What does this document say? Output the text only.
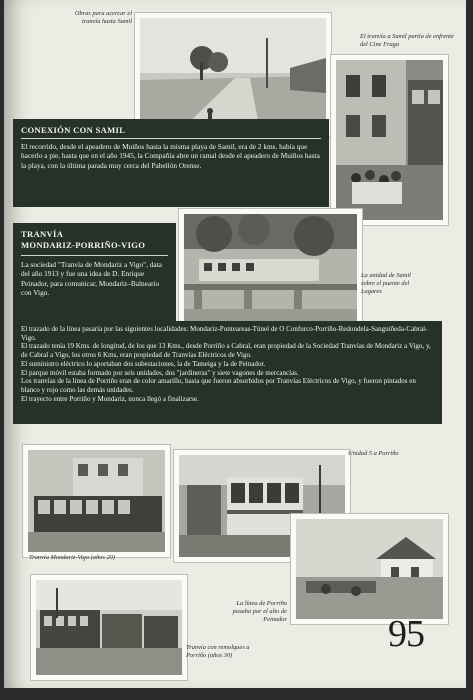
Obras para acercar el tranvía hasta Samil
El tranvía a Samil partía de enfrente del Cine Fraga
CONEXIÓN CON SAMIL

El recorrido, desde el apeadero de Muiños hasta la misma playa de Samil, era de 2 kms. había que hacerlo a pie, hasta que en el año 1945, la Compañía abre un ramal desde el apeadero de Muiños hasta la playa, con la última parada muy cerca del Pabellón Orense.

La unidad de Samil sobre el puente del Lagares
TRANVÍA
MONDARIZ-PORRIÑO-VIGO

La sociedad "Tranvía de Mondariz a Vigo", data del año 1913 y fue una idea de D. Enrique Peinador, para comunicar, Mondariz–Balneario con Vigo.

El trazado de la línea pasaría por las siguientes localidades: Mondariz-Ponteareas-Túnel de O Confurco-Porriño-Redondela-Sanguiñeda-Cabral-Vigo.

El trazado tenía 19 Kms. de longitud, de los que 13 Kms., desde Porriño a Cabral, eran propiedad de la Sociedad Tranvías de Mondariz a Vigo, y, de Cabral a Vigo, los otros 6 Kms, eran propiedad de Tranvías Eléctricos de Vigo.

El suministro eléctrico lo aportaban dos subestaciones, la de Tameiga y la de Peinador.

El parque móvil estaba formado por seis unidades, dos "jardineras" y siete vagones de mercancías.

Los tranvías de la línea de Porriño eran de color amarillo, hasta que fueron absorbidos por Tranvías Eléctricos de Vigo, y fueron pintados en blanco y rojo como las demás unidades.

El trayecto entre Porriño y Mondariz, nunca llegó a finalizarse.

Tranvía Mondariz-Vigo (años 20)
Unidad 5 a Porriño
La línea de Porriño pasaba por el alto de Peinador
Tranvía con remolques a Porriño (años 30)
95
